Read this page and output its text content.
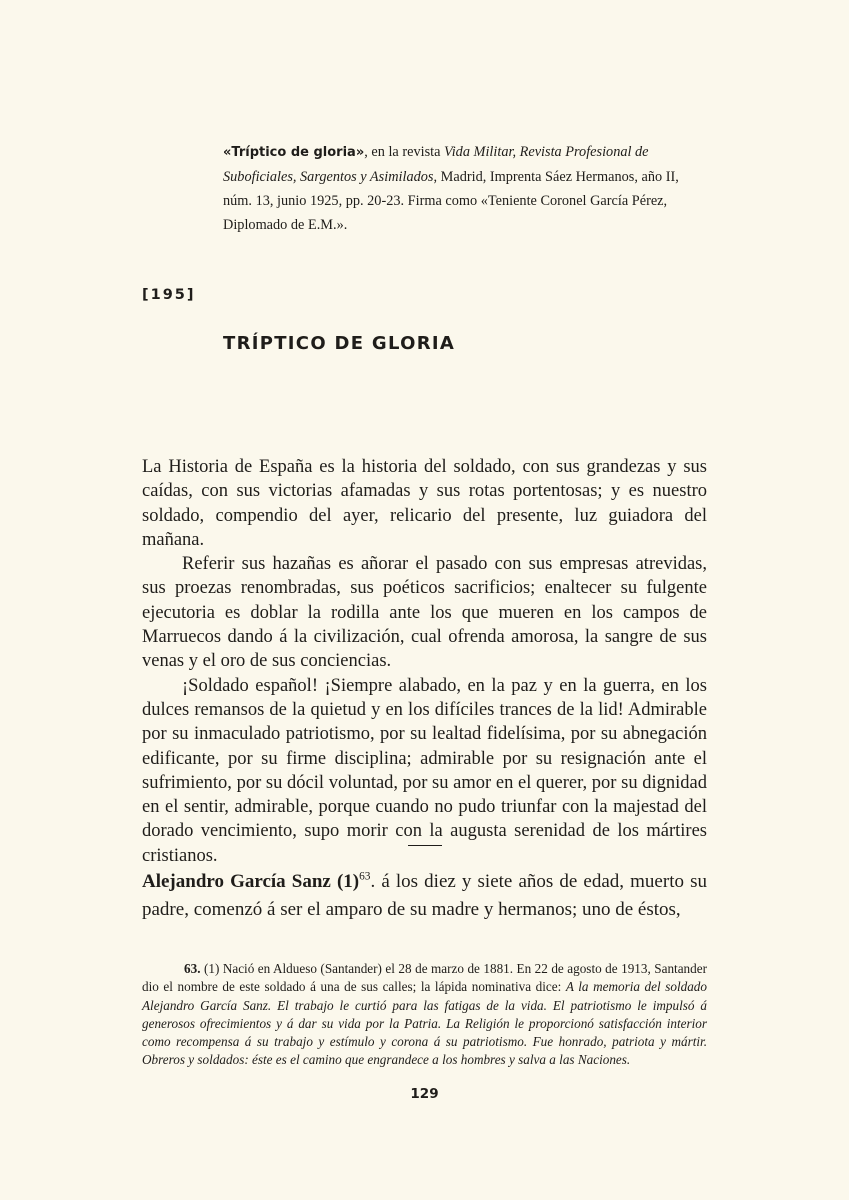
«Tríptico de gloria», en la revista Vida Militar, Revista Profesional de Suboficiales, Sargentos y Asimilados, Madrid, Imprenta Sáez Hermanos, año II, núm. 13, junio 1925, pp. 20-23. Firma como «Teniente Coronel García Pérez, Diplomado de E.M.».
[195]
TRÍPTICO DE GLORIA

La Historia de España es la historia del soldado, con sus grandezas y sus caídas, con sus victorias afamadas y sus rotas portentosas; y es nuestro soldado, compendio del ayer, relicario del presente, luz guiadora del mañana.

Referir sus hazañas es añorar el pasado con sus empresas atrevidas, sus proezas renombradas, sus poéticos sacrificios; enaltecer su fulgente ejecutoria es doblar la rodilla ante los que mueren en los campos de Marruecos dando á la civilización, cual ofrenda amorosa, la sangre de sus venas y el oro de sus conciencias.

¡Soldado español! ¡Siempre alabado, en la paz y en la guerra, en los dulces remansos de la quietud y en los difíciles trances de la lid! Admirable por su inmaculado patriotismo, por su lealtad fidelísima, por su abnegación edificante, por su firme disciplina; admirable por su resignación ante el sufrimiento, por su dócil voluntad, por su amor en el querer, por su dignidad en el sentir, admirable, porque cuando no pudo triunfar con la majestad del dorado vencimiento, supo morir con la augusta serenidad de los mártires cristianos.

Alejandro García Sanz $(1)^{63}$. á los diez y siete años de edad, muerto su padre, comenzó á ser el amparo de su madre y hermanos; uno de éstos,

63. (1) Nació en Aldueso (Santander) el 28 de marzo de 1881. En 22 de agosto de 1913, Santander dio el nombre de este soldado á una de sus calles; la lápida nominativa dice: A la memoria del soldado Alejandro García Sanz. El trabajo le curtió para las fatigas de la vida. El patriotismo le impulsó á generosos ofrecimientos y á dar su vida por la Patria. La Religión le proporcionó satisfacción interior como recompensa á su trabajo y estímulo y corona á su patriotismo. Fue honrado, patriota y mártir. Obreros y soldados: éste es el camino que engrandece a los hombres y salva a las Naciones.

129
